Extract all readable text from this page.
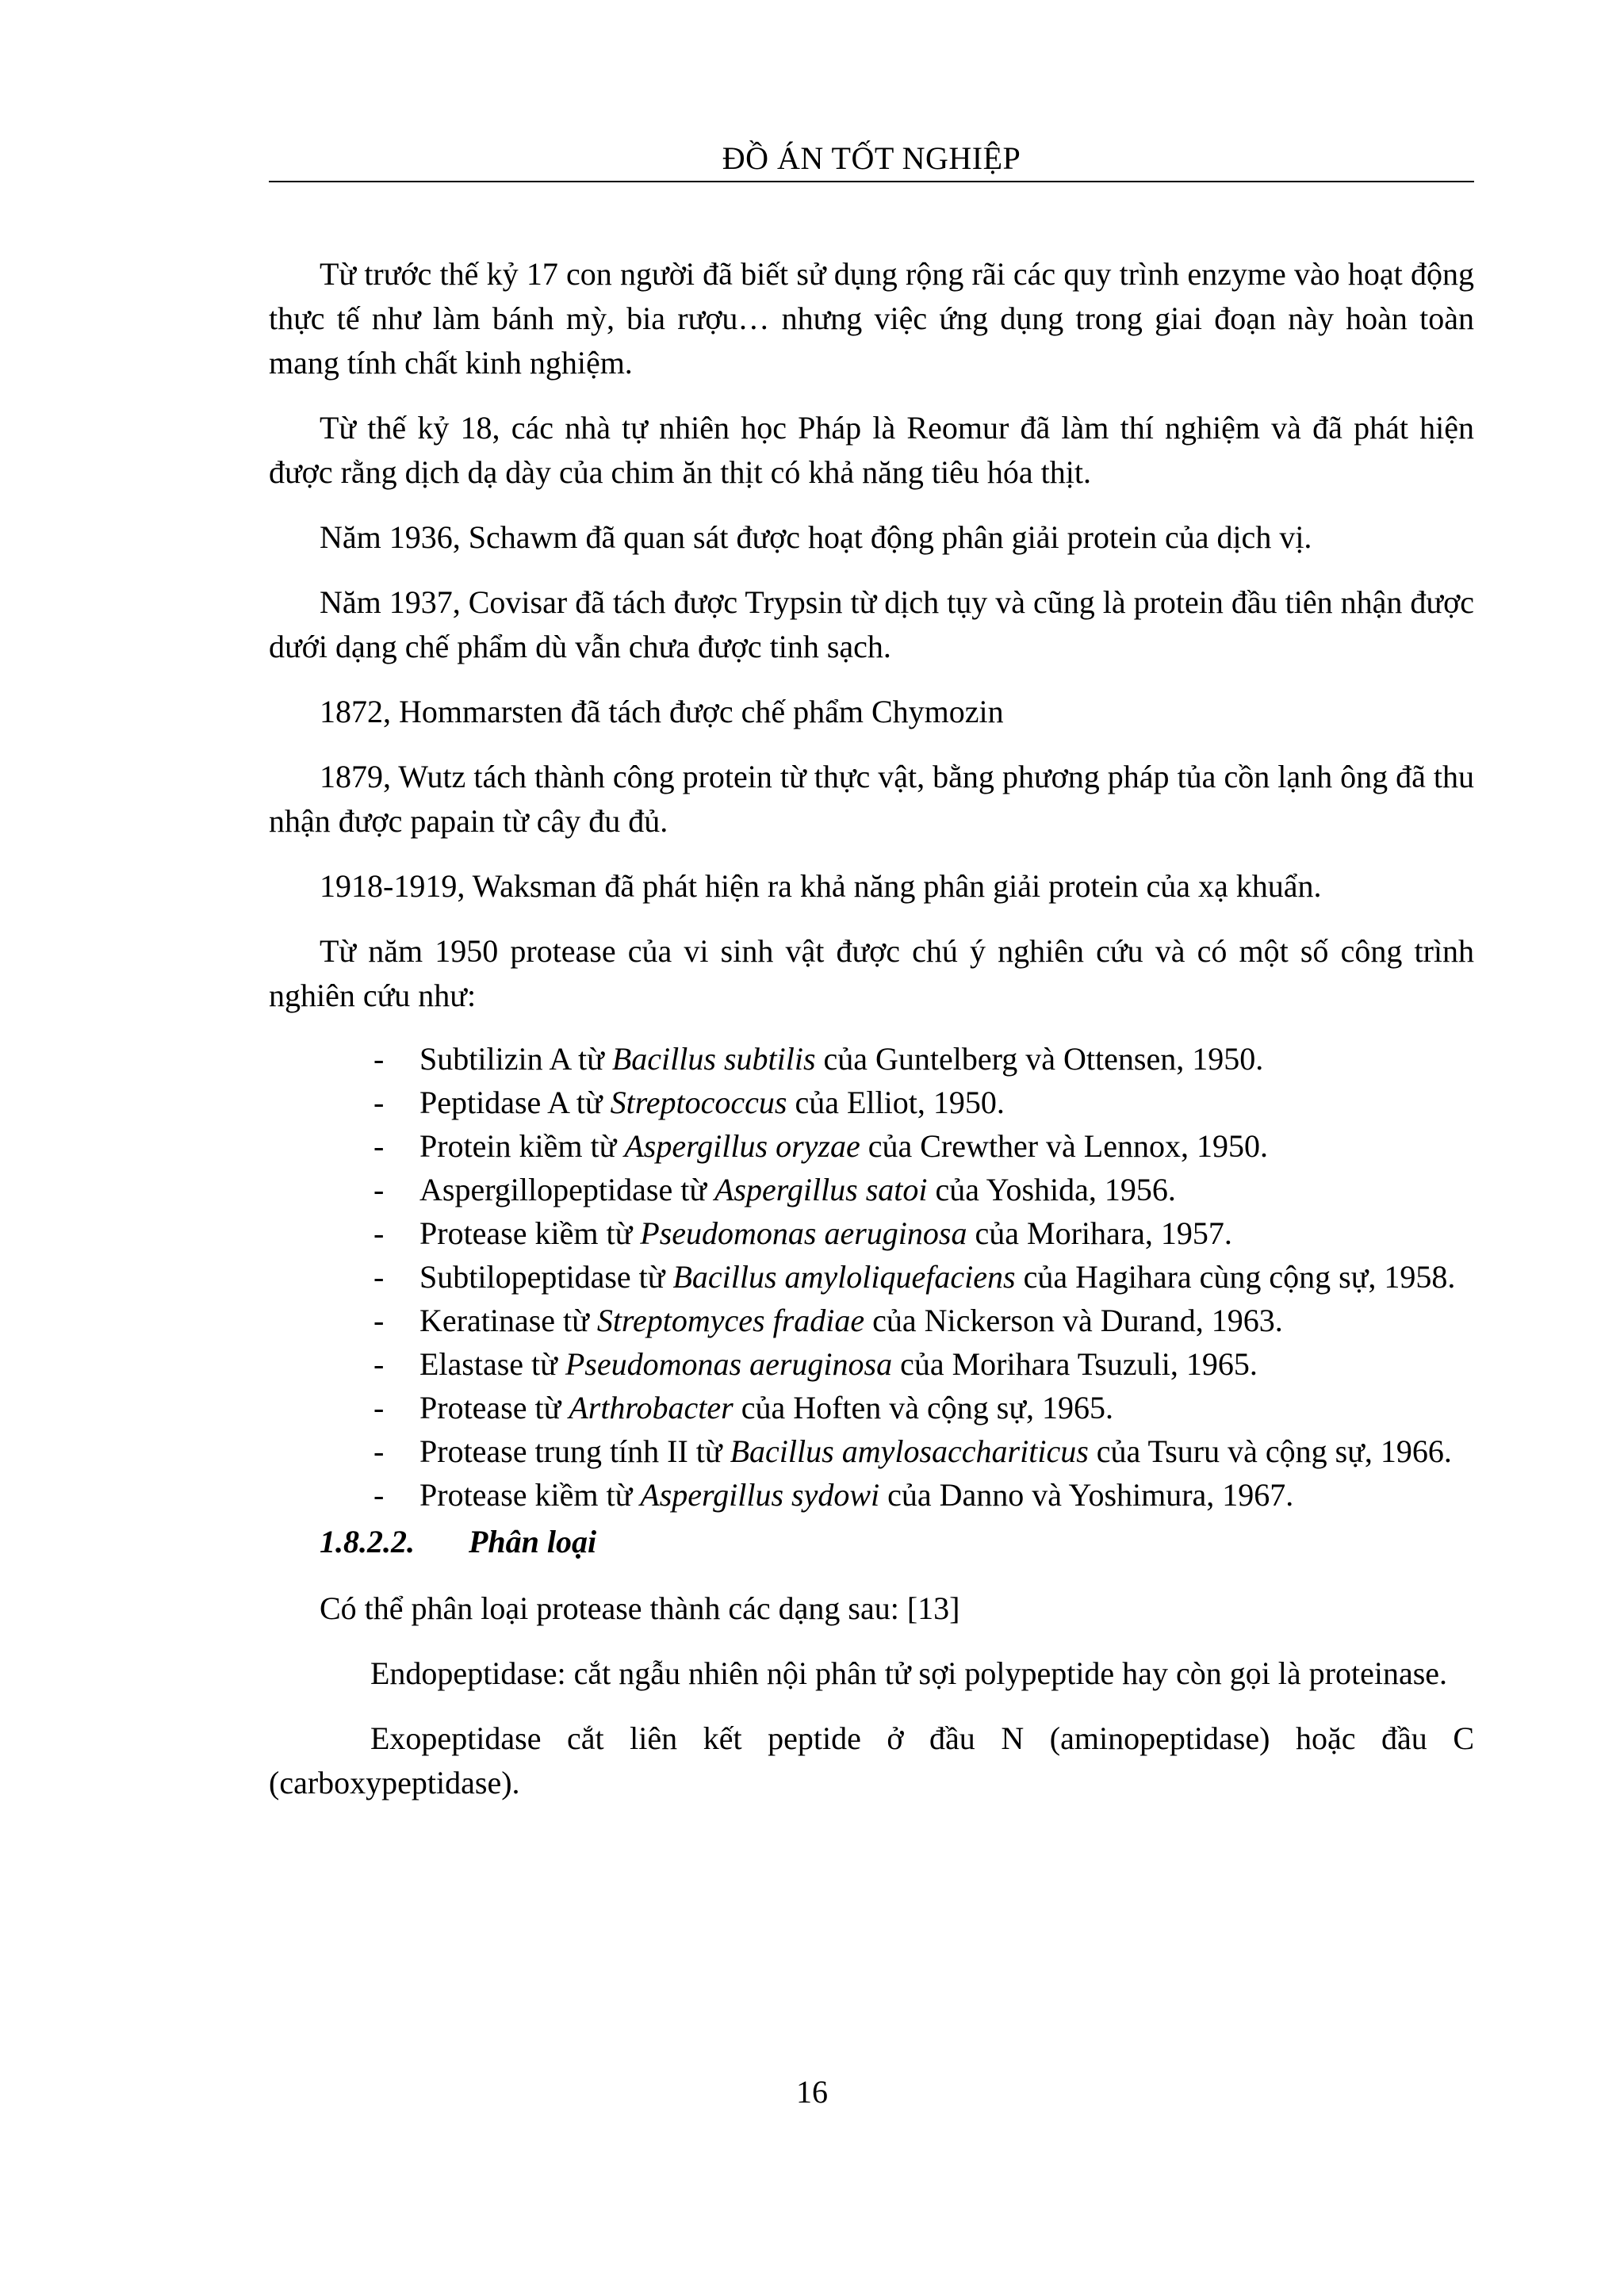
ĐỒ ÁN TỐT NGHIỆP

Từ trước thế kỷ 17 con người đã biết sử dụng rộng rãi các quy trình enzyme vào hoạt động thực tế như làm bánh mỳ, bia rượu… nhưng việc ứng dụng trong giai đoạn này hoàn toàn mang tính chất kinh nghiệm.

Từ thế kỷ 18, các nhà tự nhiên học Pháp là Reomur đã làm thí nghiệm và đã phát hiện được rằng dịch dạ dày của chim ăn thịt có khả năng tiêu hóa thịt.

Năm 1936, Schawm đã quan sát được hoạt động phân giải protein của dịch vị.

Năm 1937, Covisar đã tách được Trypsin từ dịch tụy và cũng là protein đầu tiên nhận được dưới dạng chế phẩm dù vẫn chưa được tinh sạch.

1872, Hommarsten đã tách được chế phẩm Chymozin

1879, Wutz tách thành công protein từ thực vật, bằng phương pháp tủa cồn lạnh ông đã thu nhận được papain từ cây đu đủ.

1918-1919, Waksman đã phát hiện ra khả năng phân giải protein của xạ khuẩn.

Từ năm 1950 protease của vi sinh vật được chú ý nghiên cứu và có một số công trình nghiên cứu như:

- Subtilizin A từ Bacillus subtilis của Guntelberg và Ottensen, 1950.
- Peptidase A từ Streptococcus của Elliot, 1950.
- Protein kiềm từ Aspergillus oryzae của Crewther và Lennox, 1950.
- Aspergillopeptidase từ Aspergillus satoi của Yoshida, 1956.
- Protease kiềm từ Pseudomonas aeruginosa của Morihara, 1957.
- Subtilopeptidase từ Bacillus amyloliquefaciens của Hagihara cùng cộng sự, 1958.
- Keratinase từ Streptomyces fradiae của Nickerson và Durand, 1963.
- Elastase từ Pseudomonas aeruginosa của Morihara Tsuzuli, 1965.
- Protease từ Arthrobacter của Hoften và cộng sự, 1965.
- Protease trung tính II từ Bacillus amylosacchariticus của Tsuru và cộng sự, 1966.
- Protease kiềm từ Aspergillus sydowi của Danno và Yoshimura, 1967.
1.8.2.2. Phân loại

Có thể phân loại protease thành các dạng sau: [13]

Endopeptidase: cắt ngẫu nhiên nội phân tử sợi polypeptide hay còn gọi là proteinase.

Exopeptidase cắt liên kết peptide ở đầu N (aminopeptidase) hoặc đầu C (carboxypeptidase).

16
